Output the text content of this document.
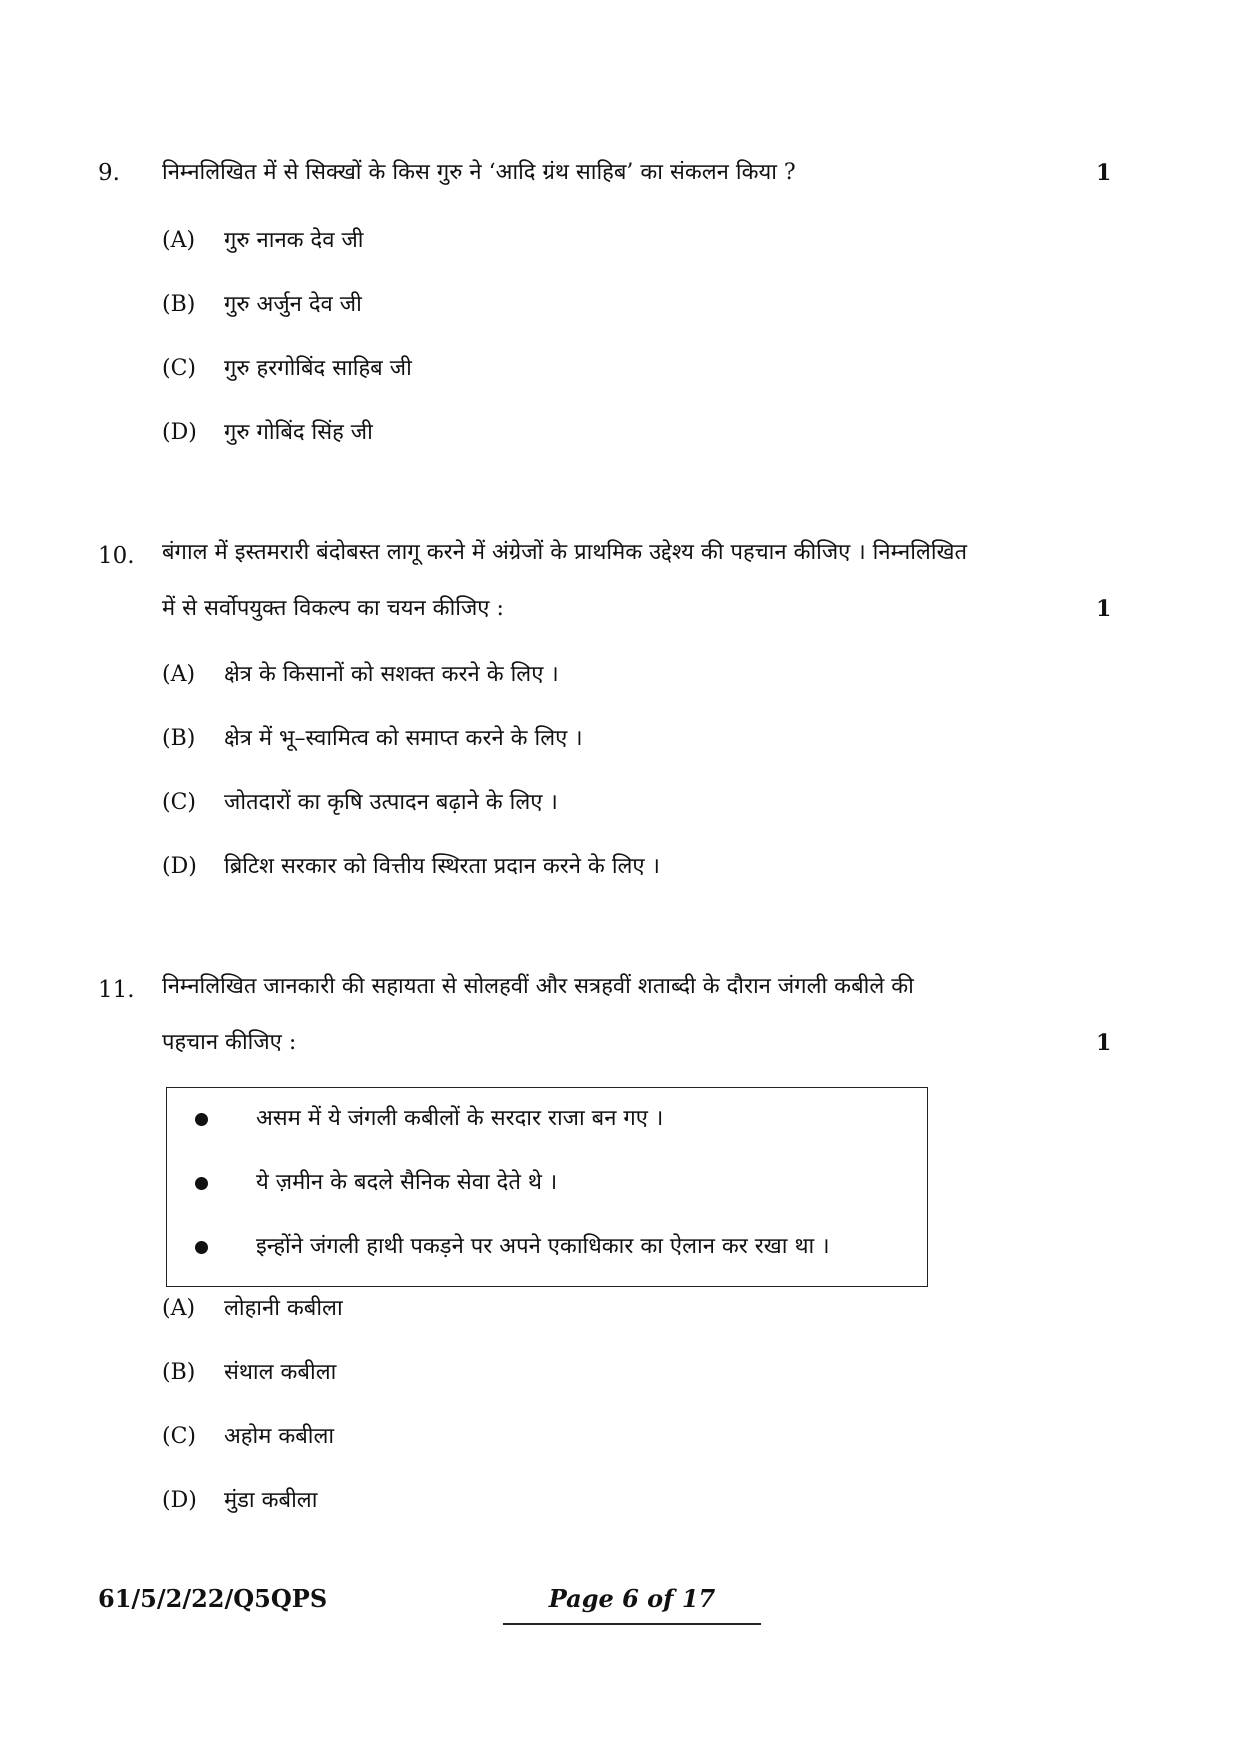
9. निम्नलिखित में से सिक्खों के किस गुरु ने ‘आदि ग्रंथ साहिब’ का संकलन किया ?	1
(A) गुरु नानक देव जी
(B) गुरु अर्जुन देव जी
(C) गुरु हरगोबिंद साहिब जी
(D) गुरु गोबिंद सिंह जी
10. बंगाल में इस्तमरारी बंदोबस्त लागू करने में अंग्रेजों के प्राथमिक उद्देश्य की पहचान कीजिए । निम्नलिखित
में से सर्वोपयुक्त विकल्प का चयन कीजिए :	1
(A) क्षेत्र के किसानों को सशक्त करने के लिए ।
(B) क्षेत्र में भू–स्वामित्व को समाप्त करने के लिए ।
(C) जोतदारों का कृषि उत्पादन बढ़ाने के लिए ।
(D) ब्रिटिश सरकार को वित्तीय स्थिरता प्रदान करने के लिए ।
11. निम्नलिखित जानकारी की सहायता से सोलहवीं और सत्रहवीं शताब्दी के दौरान जंगली कबीले की
पहचान कीजिए :	1
असम में ये जंगली कबीलों के सरदार राजा बन गए ।
ये ज़मीन के बदले सैनिक सेवा देते थे ।
इन्होंने जंगली हाथी पकड़ने पर अपने एकाधिकार का ऐलान कर रखा था ।
(A) लोहानी कबीला
(B) संथाल कबीला
(C) अहोम कबीला
(D) मुंडा कबीला
61/5/2/22/Q5QPS	Page 6 of 17
